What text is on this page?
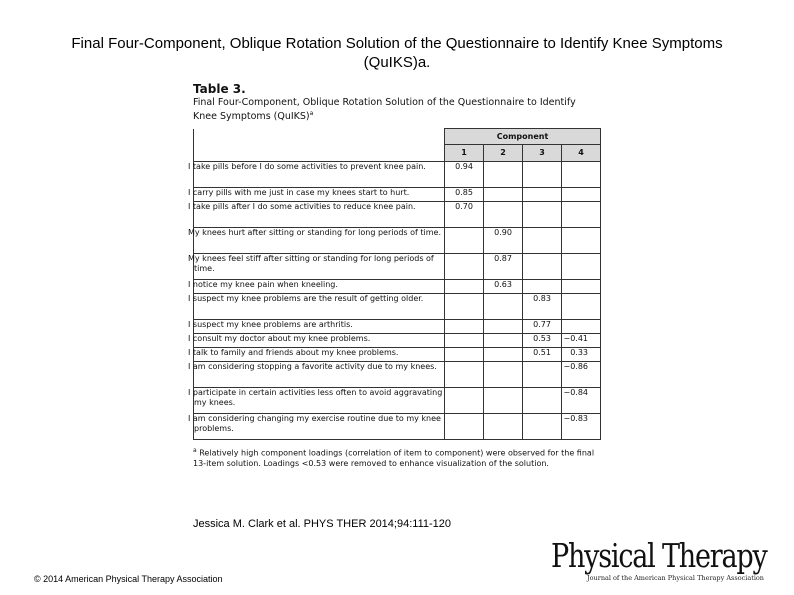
Final Four-Component, Oblique Rotation Solution of the Questionnaire to Identify Knee Symptoms (QuIKS)a.
Table 3.
Final Four-Component, Oblique Rotation Solution of the Questionnaire to Identify Knee Symptoms (QuIKS)$^a$
	Component			
	1	2	3	4
I take pills before I do some activities to prevent knee pain.	0.94			
I carry pills with me just in case my knees start to hurt.	0.85			
I take pills after I do some activities to reduce knee pain.	0.70			
My knees hurt after sitting or standing for long periods of time.		0.90		
My knees feel stiff after sitting or standing for long periods of time.		0.87		
I notice my knee pain when kneeling.		0.63		
I suspect my knee problems are the result of getting older.			0.83	
I suspect my knee problems are arthritis.			0.77	
I consult my doctor about my knee problems.			0.53	−0.41
I talk to family and friends about my knee problems.			0.51	0.33
I am considering stopping a favorite activity due to my knees.				−0.86
I participate in certain activities less often to avoid aggravating my knees.				−0.84
I am considering changing my exercise routine due to my knee problems.				−0.83
$^a$ Relatively high component loadings (correlation of item to component) were observed for the final 13-item solution. Loadings <0.53 were removed to enhance visualization of the solution.
Jessica M. Clark et al. PHYS THER 2014;94:111-120
© 2014 American Physical Therapy Association
Physical Therapy
Journal of the American Physical Therapy Association
